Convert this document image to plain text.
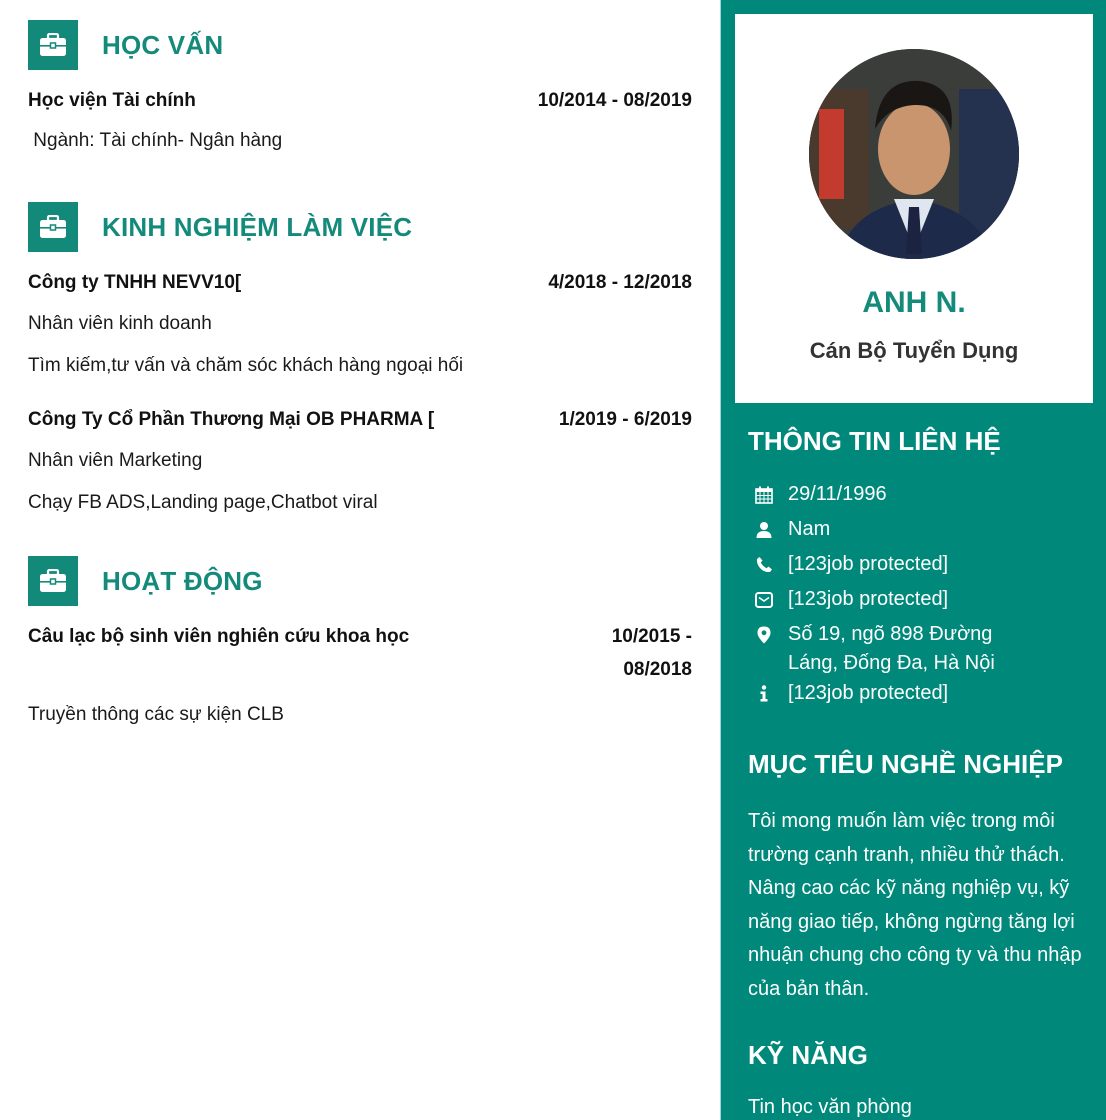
HỌC VẤN
Học viện Tài chính	10/2014 - 08/2019
Ngành: Tài chính- Ngân hàng
KINH NGHIỆM LÀM VIỆC
Công ty TNHH NEVV10[	4/2018 - 12/2018
Nhân viên kinh doanh
Tìm kiếm,tư vấn và chăm sóc khách hàng ngoại hối
Công Ty Cổ Phần Thương Mại OB PHARMA [	1/2019 - 6/2019
Nhân viên Marketing
Chạy FB ADS,Landing page,Chatbot viral
HOẠT ĐỘNG
Câu lạc bộ sinh viên nghiên cứu khoa học	10/2015 -
08/2018
Truyền thông các sự kiện CLB
ANH N.
Cán Bộ Tuyển Dụng
THÔNG TIN LIÊN HỆ
29/11/1996
Nam
[123job protected]
[123job protected]
Số 19, ngõ 898 Đường Láng, Đống Đa, Hà Nội
[123job protected]
MỤC TIÊU NGHỀ NGHIỆP
Tôi mong muốn làm việc trong môi trường cạnh tranh, nhiều thử thách. Nâng cao các kỹ năng nghiệp vụ, kỹ năng giao tiếp, không ngừng tăng lợi nhuận chung cho công ty và thu nhập của bản thân.
KỸ NĂNG
Tin học văn phòng
